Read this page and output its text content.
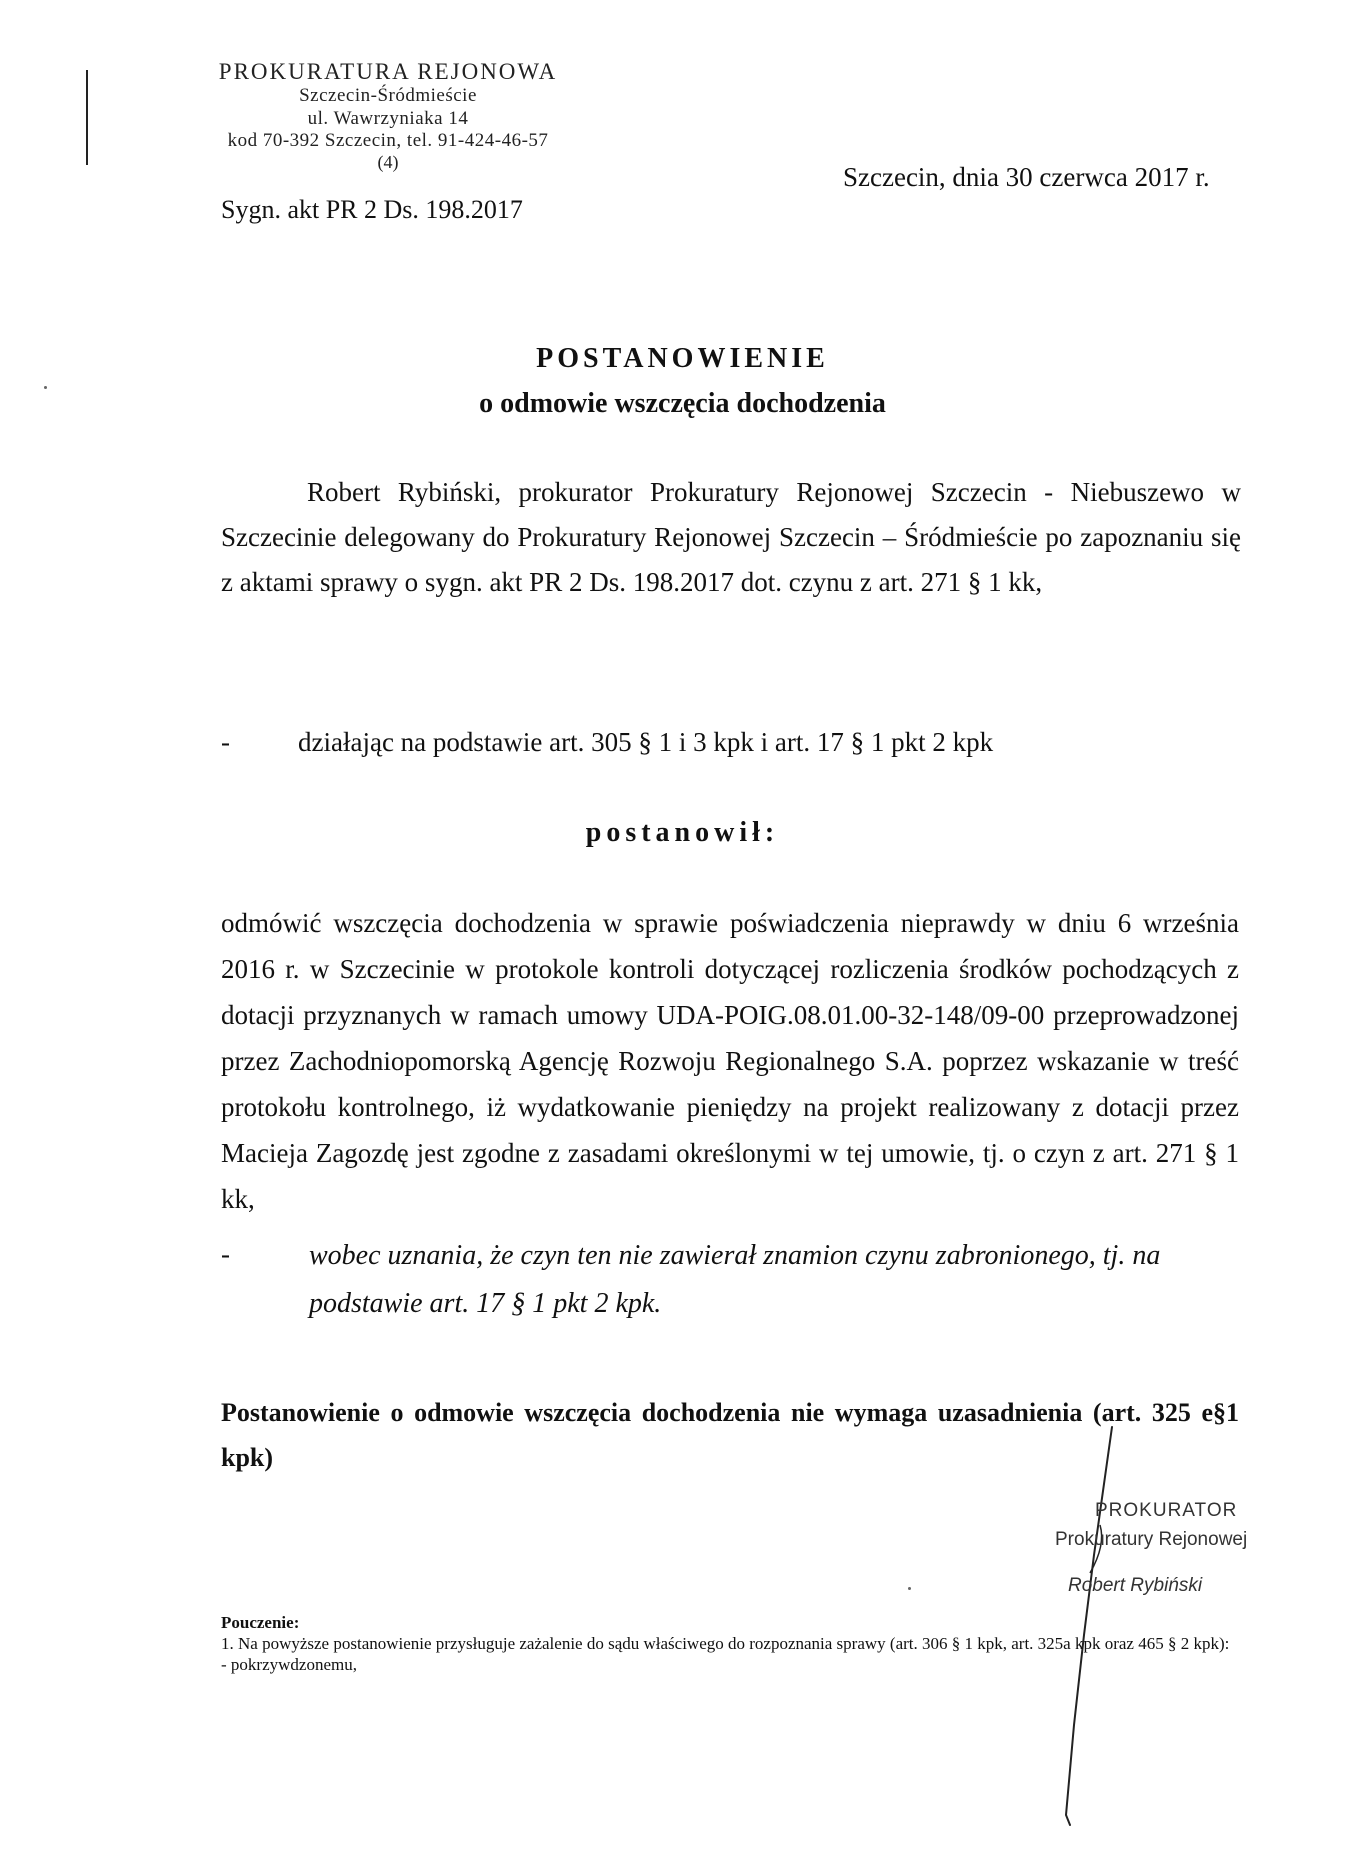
PROKURATURA REJONOWA
Szczecin-Śródmieście
ul. Wawrzyniaka 14
kod 70-392 Szczecin, tel. 91-424-46-57
(4)
Sygn. akt PR 2 Ds. 198.2017
Szczecin, dnia 30 czerwca 2017 r.
POSTANOWIENIE
o odmowie wszczęcia dochodzenia
Robert Rybiński, prokurator Prokuratury Rejonowej Szczecin - Niebuszewo w Szczecinie delegowany do Prokuratury Rejonowej Szczecin – Śródmieście po zapoznaniu się z aktami sprawy o sygn. akt PR 2 Ds. 198.2017 dot. czynu z art. 271 § 1 kk,
-	działając na podstawie art. 305 § 1 i 3 kpk i art. 17 § 1 pkt 2 kpk
postanowił:
odmówić wszczęcia dochodzenia w sprawie poświadczenia nieprawdy w dniu 6 września 2016 r. w Szczecinie w protokole kontroli dotyczącej rozliczenia środków pochodzących z dotacji przyznanych w ramach umowy UDA-POIG.08.01.00-32-148/09-00 przeprowadzonej przez Zachodniopomorską Agencję Rozwoju Regionalnego S.A. poprzez wskazanie w treść protokołu kontrolnego, iż wydatkowanie pieniędzy na projekt realizowany z dotacji przez Macieja Zagozdę jest zgodne z zasadami określonymi w tej umowie, tj. o czyn z art. 271 § 1 kk,
-	wobec uznania, że czyn ten nie zawierał znamion czynu zabronionego, tj. na podstawie art. 17 § 1 pkt 2 kpk.
Postanowienie o odmowie wszczęcia dochodzenia nie wymaga uzasadnienia (art. 325 e§1 kpk)
PROKURATOR
Prokuratury Rejonowej
Robert Rybiński
Pouczenie:
1. Na powyższe postanowienie przysługuje zażalenie do sądu właściwego do rozpoznania sprawy (art. 306 § 1 kpk, art. 325a kpk oraz 465 § 2 kpk):
- pokrzywdzonemu,
